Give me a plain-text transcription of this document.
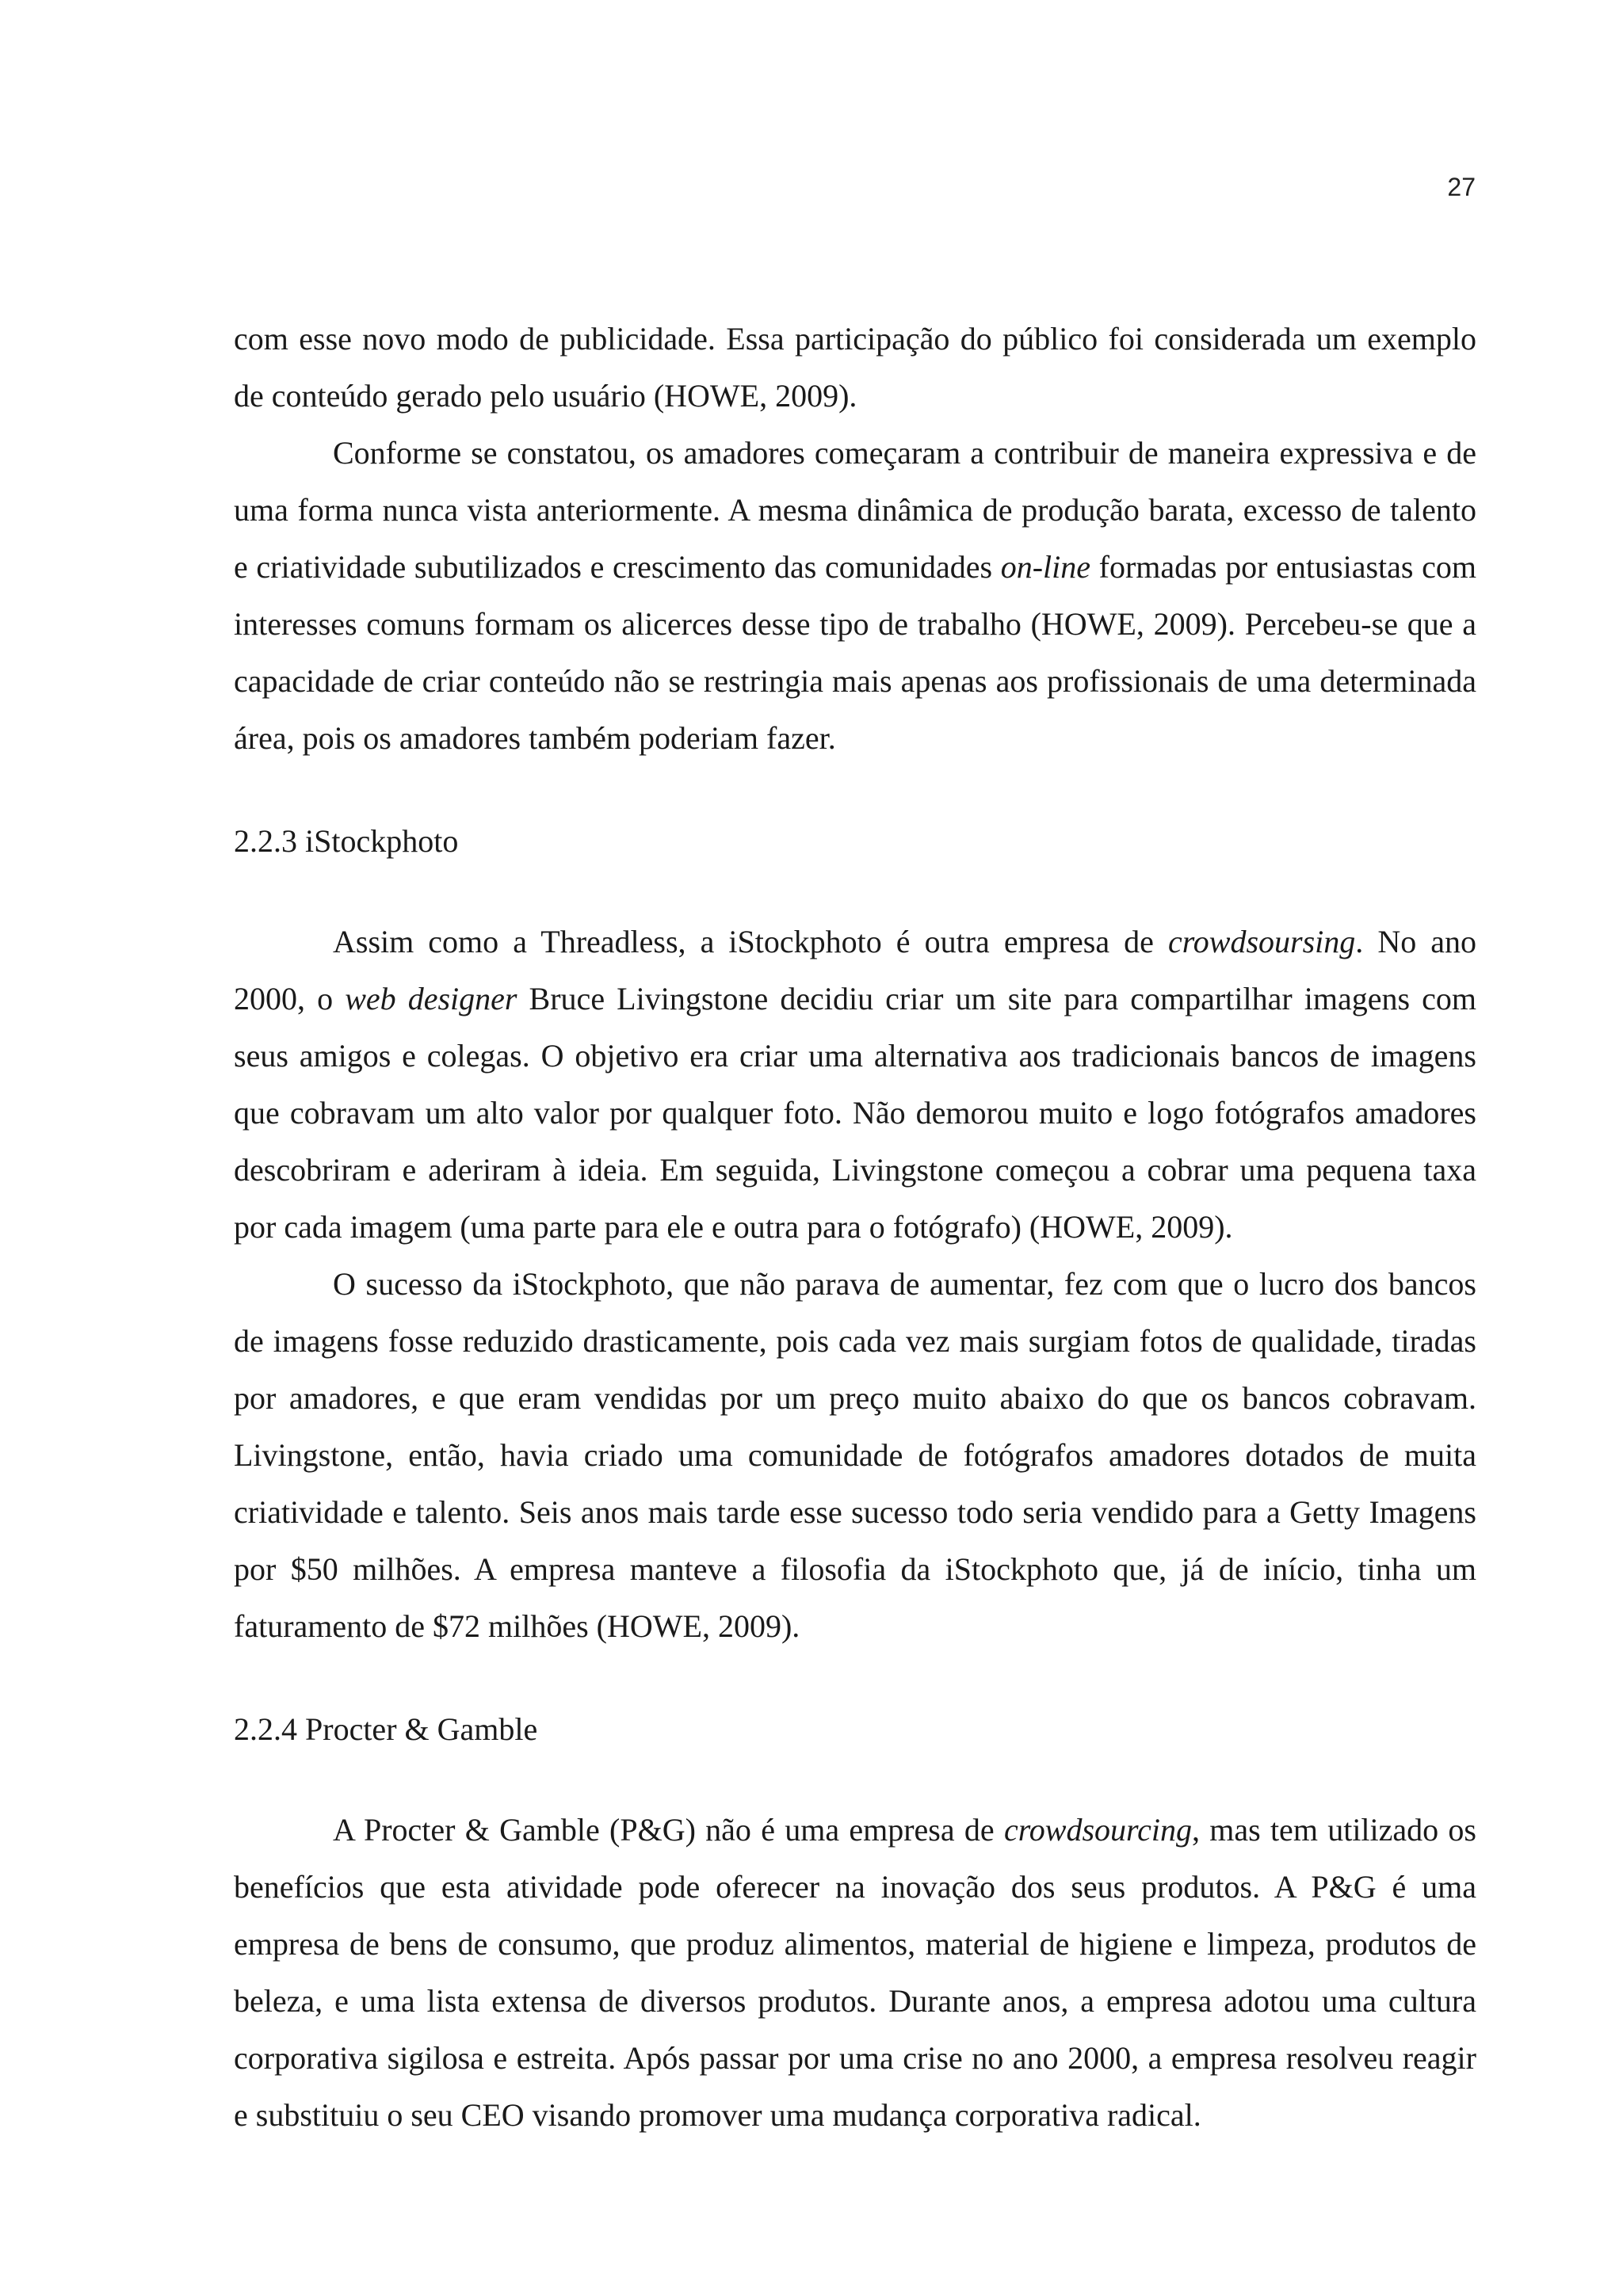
27

com esse novo modo de publicidade. Essa participação do público foi considerada um exemplo de conteúdo gerado pelo usuário (HOWE, 2009).

Conforme se constatou, os amadores começaram a contribuir de maneira expressiva e de uma forma nunca vista anteriormente. A mesma dinâmica de produção barata, excesso de talento e criatividade subutilizados e crescimento das comunidades on-line formadas por entusiastas com interesses comuns formam os alicerces desse tipo de trabalho (HOWE, 2009). Percebeu-se que a capacidade de criar conteúdo não se restringia mais apenas aos profissionais de uma determinada área, pois os amadores também poderiam fazer.

2.2.3 iStockphoto

Assim como a Threadless, a iStockphoto é outra empresa de crowdsoursing. No ano 2000, o web designer Bruce Livingstone decidiu criar um site para compartilhar imagens com seus amigos e colegas. O objetivo era criar uma alternativa aos tradicionais bancos de imagens que cobravam um alto valor por qualquer foto. Não demorou muito e logo fotógrafos amadores descobriram e aderiram à ideia. Em seguida, Livingstone começou a cobrar uma pequena taxa por cada imagem (uma parte para ele e outra para o fotógrafo) (HOWE, 2009).

O sucesso da iStockphoto, que não parava de aumentar, fez com que o lucro dos bancos de imagens fosse reduzido drasticamente, pois cada vez mais surgiam fotos de qualidade, tiradas por amadores, e que eram vendidas por um preço muito abaixo do que os bancos cobravam. Livingstone, então, havia criado uma comunidade de fotógrafos amadores dotados de muita criatividade e talento. Seis anos mais tarde esse sucesso todo seria vendido para a Getty Imagens por $50 milhões. A empresa manteve a filosofia da iStockphoto que, já de início, tinha um faturamento de $72 milhões (HOWE, 2009).

2.2.4 Procter & Gamble

A Procter & Gamble (P&G) não é uma empresa de crowdsourcing, mas tem utilizado os benefícios que esta atividade pode oferecer na inovação dos seus produtos. A P&G é uma empresa de bens de consumo, que produz alimentos, material de higiene e limpeza, produtos de beleza, e uma lista extensa de diversos produtos. Durante anos, a empresa adotou uma cultura corporativa sigilosa e estreita. Após passar por uma crise no ano 2000, a empresa resolveu reagir e substituiu o seu CEO visando promover uma mudança corporativa radical.
